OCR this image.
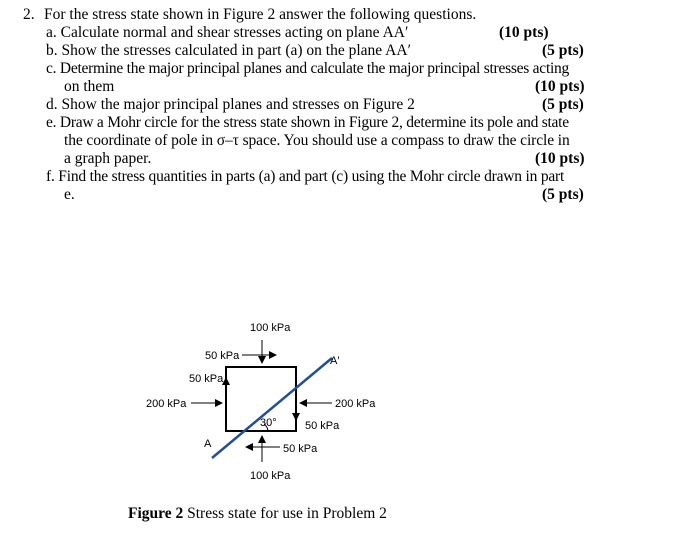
2. For the stress state shown in Figure 2 answer the following questions.
a. Calculate normal and shear stresses acting on plane AA′	(10 pts)
b. Show the stresses calculated in part (a) on the plane AA′	(5 pts)
c. Determine the major principal planes and calculate the major principal stresses acting
on them	(10 pts)
d. Show the major principal planes and stresses on Figure 2	(5 pts)
e. Draw a Mohr circle for the stress state shown in Figure 2, determine its pole and state
the coordinate of pole in σ–τ space. You should use a compass to draw the circle in
a graph paper.	(10 pts)
f. Find the stress quantities in parts (a) and part (c) using the Mohr circle drawn in part
e.	(5 pts)
100 kPa
50 kPa
50 kPa
200 kPa	200 kPa
50 kPa
50 kPa
100 kPa
30°
A
A′
Figure 2 Stress state for use in Problem 2
